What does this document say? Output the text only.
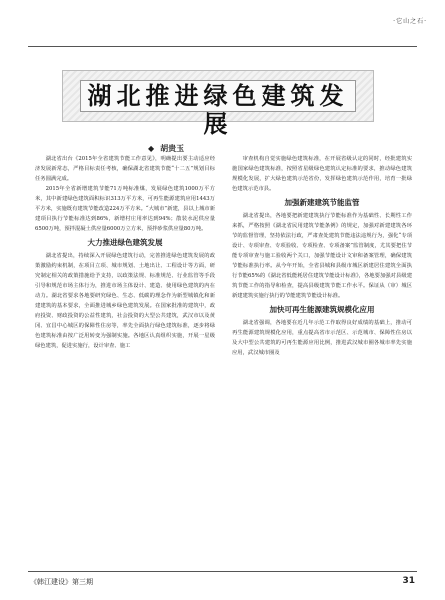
·它山之石·
湖北推进绿色建筑发展
◆ 胡贵玉

湖北省出台《2015年全省建筑节能工作意见》，明确提出要主动适应经济发展新常态，严格目标责任考核，确保湖北省建筑节能“十二五”规划目标任务圆满完成。

2015年全省新增建筑节能71万吨标准煤，发展绿色建筑1000万平方米，其中新建绿色建筑面积标识313万平方米，可再生能源建筑应用1443万平方米，实施既有建筑节能改造224万平方米。“大城市”新建，县以上城市新建项目执行节能标准达到86%，新增村庄用率达到94%；散装水泥供应量6500万吨，预拌混凝土供应量6000万立方米，预拌砂浆供应量80万吨。

大力推进绿色建筑发展

湖北省提出，持续深入开展绿色建筑行动，完善推进绿色建筑发展的政策激励约束机制，在项目立项、城市规划、土地出让、工程设计等方面，研究制定相关的政策措施给予支持，以政策法规、标准规范、行业监管等手段引导和规范市场主体行为，推进市场主体设计、建造、使用绿色建筑的内在动力。湖北省要求各地要研究绿色、生态、低碳的理念作为新型城镇化和新建建筑的基本要求，全面推进城乡绿色建筑发展。在国家批准的建筑中，政府投资、财政投资的公益性建筑，社会投资的大型公共建筑，武汉市以及黄冈、宜昌中心城区的保障性住房等，率先全面执行绿色建筑标准，逐步将绿色建筑标准由按广泛用转变为强制实施。各地区认真组织实施，开展一星级绿色建筑，促进实施行，设计审查、施工

审查机构自觉实施绿色建筑标准，在开展省级认定的同时，经批建筑实施国家绿色建筑标准，按照省星级绿色建筑认定标准的要求，推动绿色建筑规模化发展，扩大绿色建筑示范省份，发挥绿色建筑示范作用，培育一批绿色建筑示范市县。

加强新建建筑节能监管

湖北省提出，各地要把新建建筑执行节能标准作为基础性、长期性工作来抓，严格按照《湖北省民用建筑节能条例》的规定，加强对新建建筑各环节的监督管理，坚持依法行政，严肃查处建筑节能违法违规行为，强化“专项设计、专项审查、专项验收、专项检查、专项备案”监管制度，尤其要把住节能专项审查与施工验收两个关口，加强节能设计文审和备案管理，确保建筑节能标准执行率。从今年开始，全省县城和县级市城区新建居住建筑全面执行节能65%的《湖北省低能耗居住建筑节能设计标准》，各地要加强对县级建筑节能工作的指导和检查，提高县级建筑节能工作水平。保证从（审）城区新建建筑实施行执行的节能建筑节能设计标准。

加快可再生能源建筑规模化应用

湖北省强调，各地要在近几年示范工作取得良好成绩的基础上，推动可再生能源建筑规模化应用，重点提高省市示范区、示范城市、保障性住房以及大中型公共建筑的可再生能源应用比例，推进武汉城市圈各城市率先实施应用，武汉城市圈及

《韩江建设》第三期	31
